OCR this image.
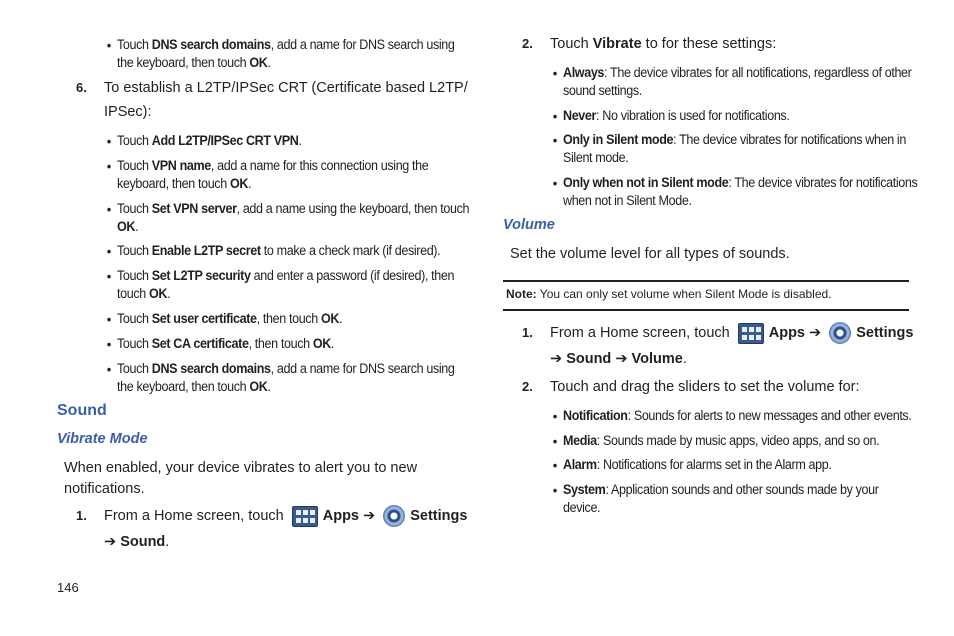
• Touch DNS search domains, add a name for DNS search using
the keyboard, then touch OK.
6. To establish a L2TP/IPSec CRT (Certificate based L2TP/
IPSec):
• Touch Add L2TP/IPSec CRT VPN.
• Touch VPN name, add a name for this connection using the
keyboard, then touch OK.
• Touch Set VPN server, add a name using the keyboard, then touch
OK.
• Touch Enable L2TP secret to make a check mark (if desired).
• Touch Set L2TP security and enter a password (if desired), then
touch OK.
• Touch Set user certificate, then touch OK.
• Touch Set CA certificate, then touch OK.
• Touch DNS search domains, add a name for DNS search using
the keyboard, then touch OK.
Sound
Vibrate Mode
When enabled, your device vibrates to alert you to new
notifications.
1. From a Home screen, touch	Apps ➔ Settings
➔ Sound.
146
2. Touch Vibrate to for these settings:
• Always: The device vibrates for all notifications, regardless of other
sound settings.
• Never: No vibration is used for notifications.
• Only in Silent mode: The device vibrates for notifications when in
Silent mode.
• Only when not in Silent mode: The device vibrates for notifications
when not in Silent Mode.
Volume
Set the volume level for all types of sounds.
Note: You can only set volume when Silent Mode is disabled.
1. From a Home screen, touch	Apps ➔ Settings
➔ Sound ➔ Volume.
2. Touch and drag the sliders to set the volume for:
• Notification: Sounds for alerts to new messages and other events.
• Media: Sounds made by music apps, video apps, and so on.
• Alarm: Notifications for alarms set in the Alarm app.
• System: Application sounds and other sounds made by your
device.
